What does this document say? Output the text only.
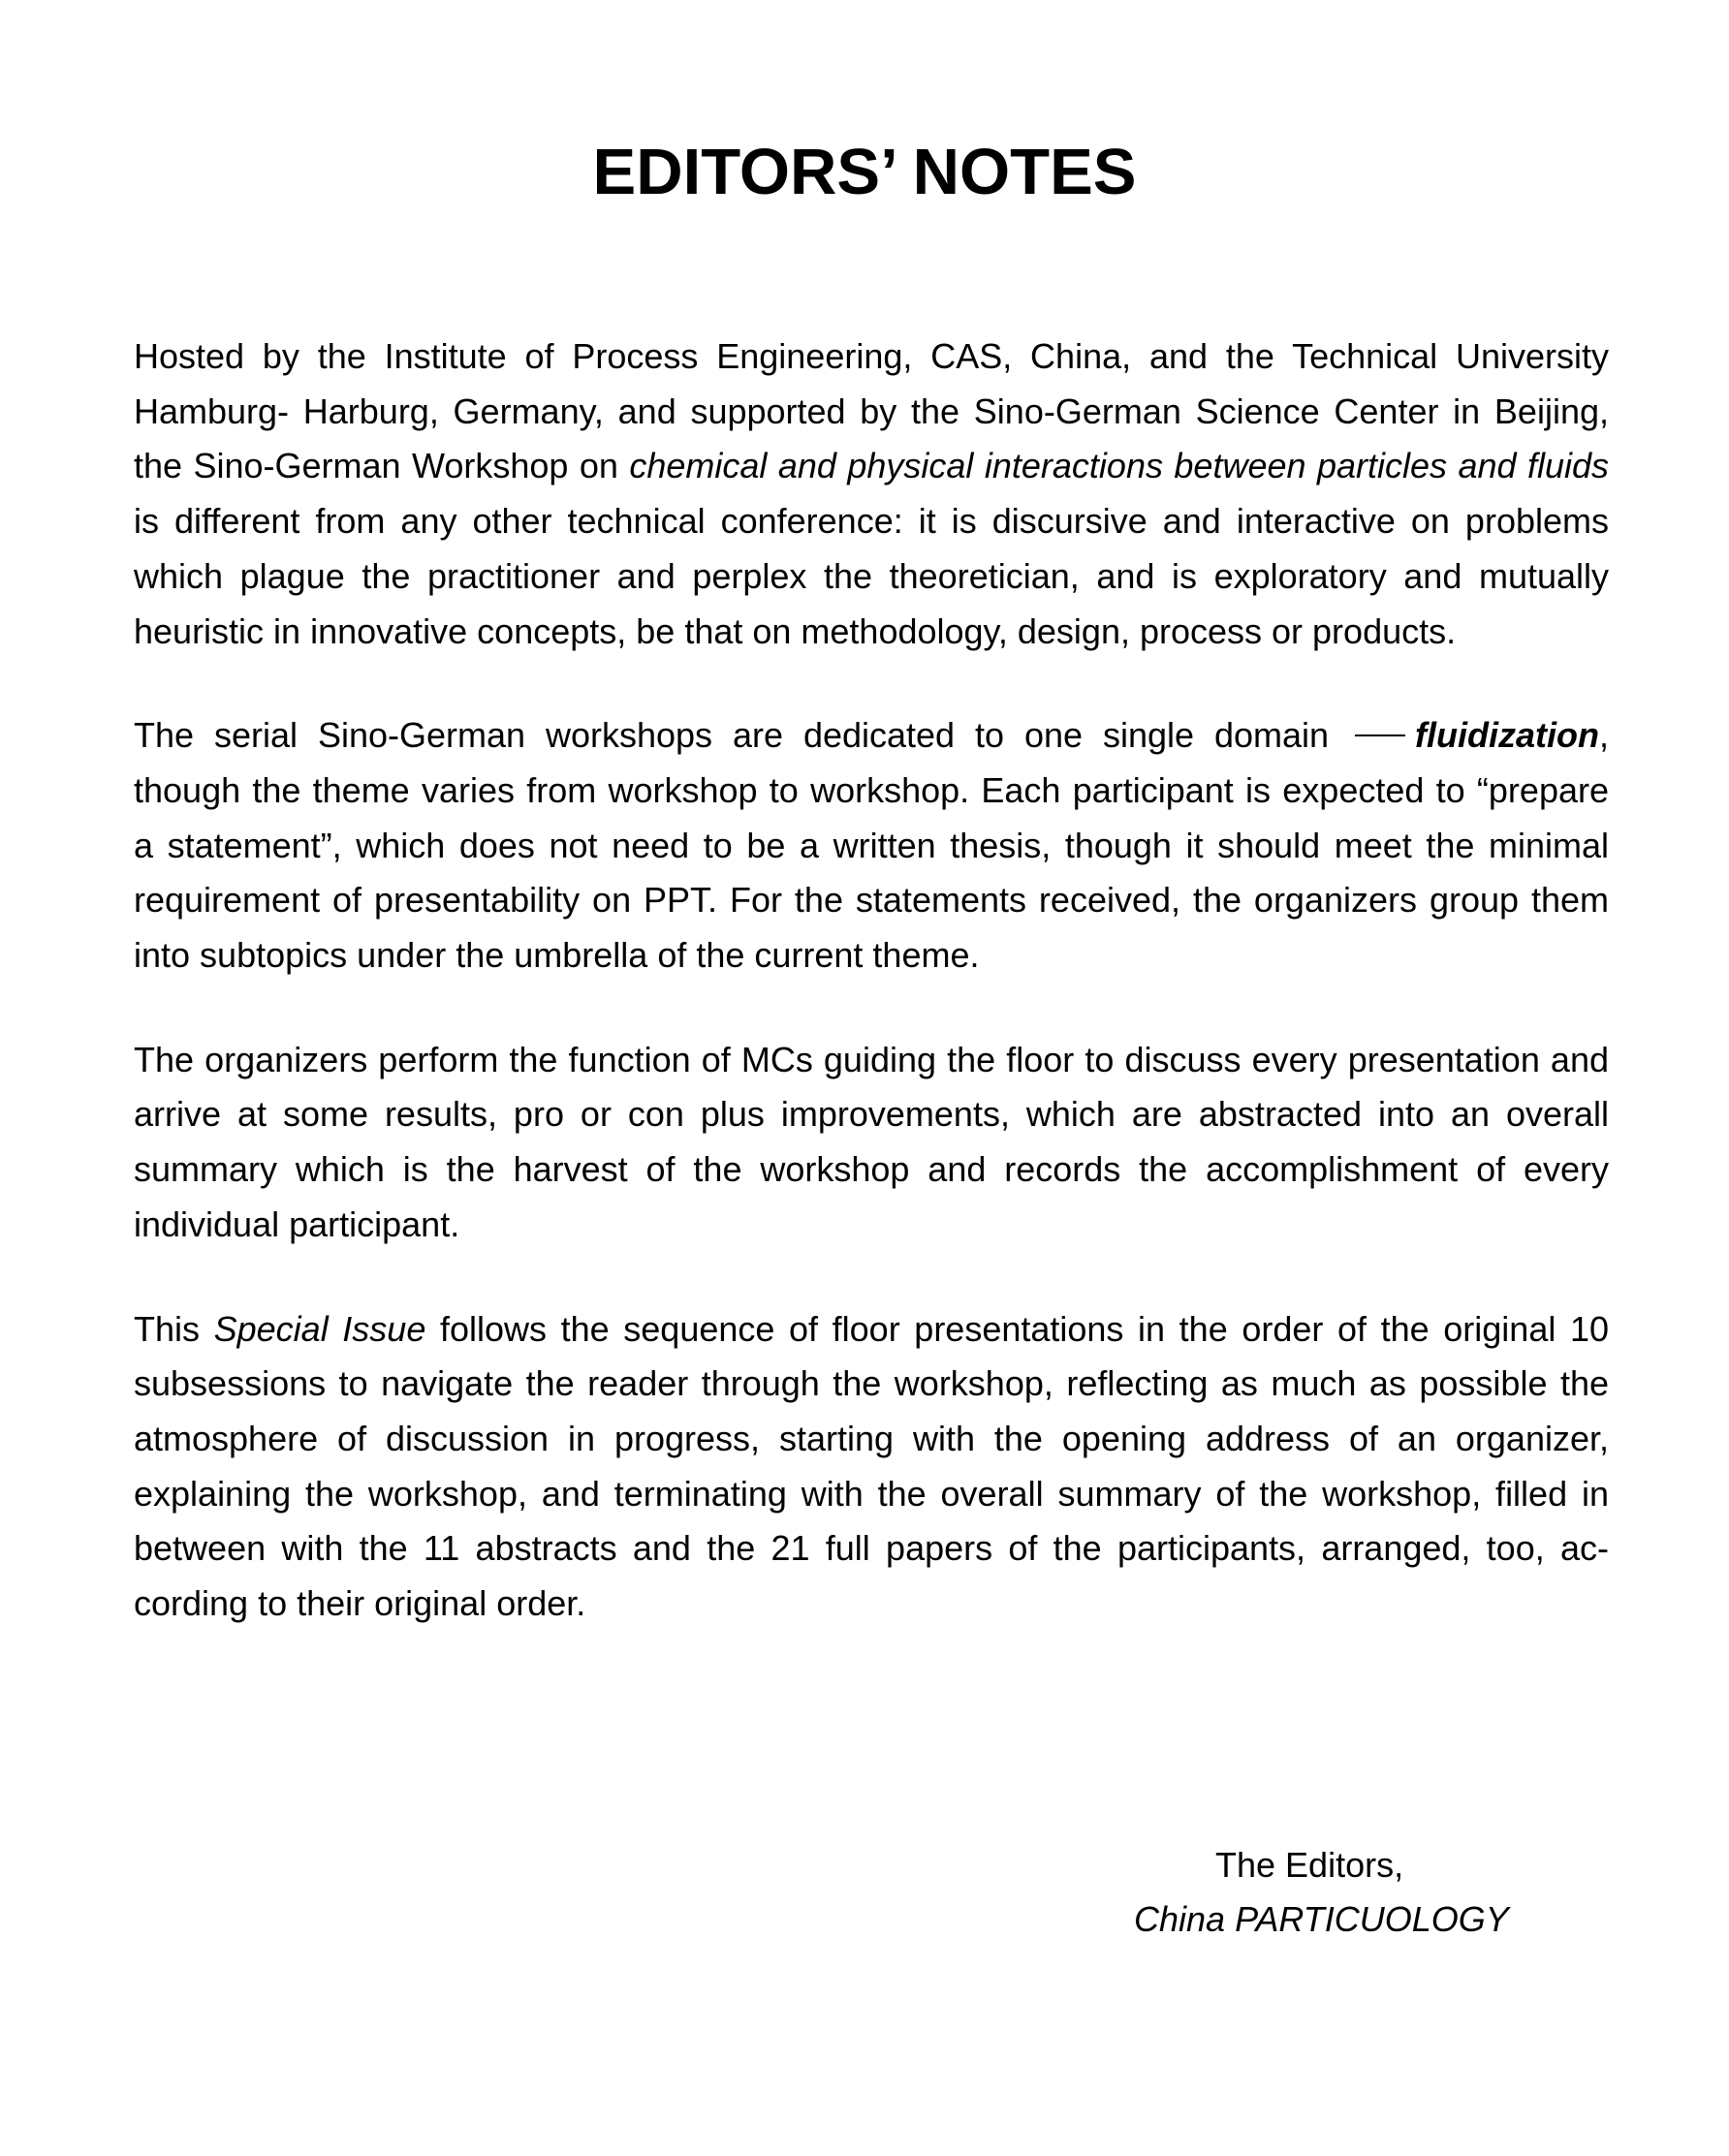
EDITORS’ NOTES

Hosted by the Institute of Process Engineering, CAS, China, and the Technical University Hamburg- Harburg, Germany, and supported by the Sino-German Science Center in Beijing, the Sino-German Workshop on chemical and physical interactions between particles and fluids is different from any other technical conference: it is discursive and interactive on problems which plague the practitioner and perplex the theoretician, and is exploratory and mutually heuristic in innovative concepts, be that on methodology, design, process or products.

The serial Sino-German workshops are dedicated to one single domain fluidization, though the theme varies from workshop to workshop. Each participant is expected to “prepare a statement”, which does not need to be a written thesis, though it should meet the minimal requirement of presentability on PPT. For the statements received, the organizers group them into subtopics under the umbrella of the current theme.

The organizers perform the function of MCs guiding the floor to discuss every presentation and arrive at some results, pro or con plus improvements, which are abstracted into an overall summary which is the harvest of the workshop and records the accomplishment of every individual participant.

This Special Issue follows the sequence of floor presentations in the order of the original 10 subsessions to navigate the reader through the workshop, reflecting as much as possible the atmosphere of discussion in progress, starting with the opening address of an organizer, explaining the workshop, and terminating with the overall summary of the workshop, filled in between with the 11 abstracts and the 21 full papers of the participants, arranged, too, ac-cording to their original order.

The Editors,
China PARTICUOLOGY
